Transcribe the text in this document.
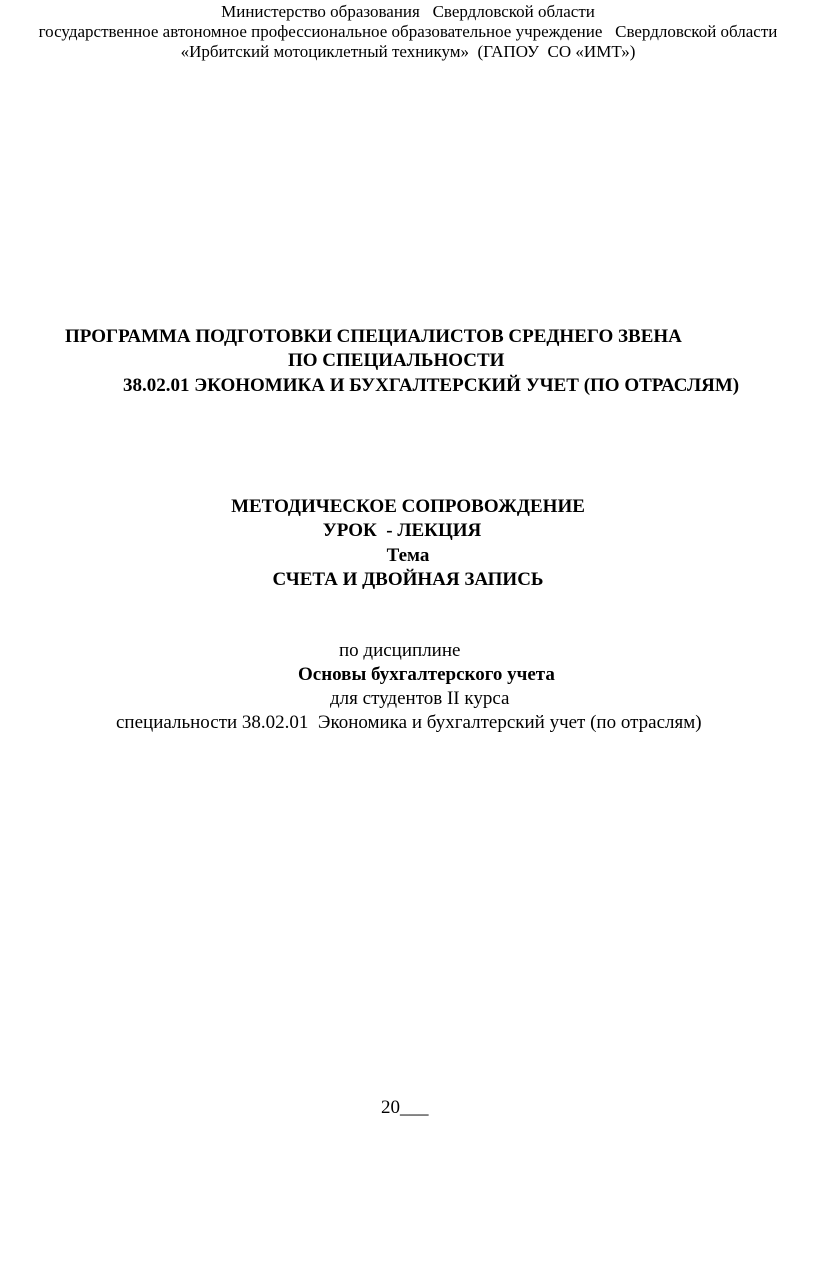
Министерство образования   Свердловской области
государственное автономное профессиональное образовательное учреждение   Свердловской области
«Ирбитский мотоциклетный техникум»  (ГАПОУ  СО «ИМТ»)
ПРОГРАММА ПОДГОТОВКИ СПЕЦИАЛИСТОВ СРЕДНЕГО ЗВЕНА
ПО СПЕЦИАЛЬНОСТИ
38.02.01 ЭКОНОМИКА И БУХГАЛТЕРСКИЙ УЧЕТ (ПО ОТРАСЛЯМ)
МЕТОДИЧЕСКОЕ СОПРОВОЖДЕНИЕ
УРОК  - ЛЕКЦИЯ
Тема
СЧЕТА И ДВОЙНАЯ ЗАПИСЬ
по дисциплине
Основы бухгалтерского учета
для студентов II курса
специальности 38.02.01  Экономика и бухгалтерский учет (по отраслям)
20___
